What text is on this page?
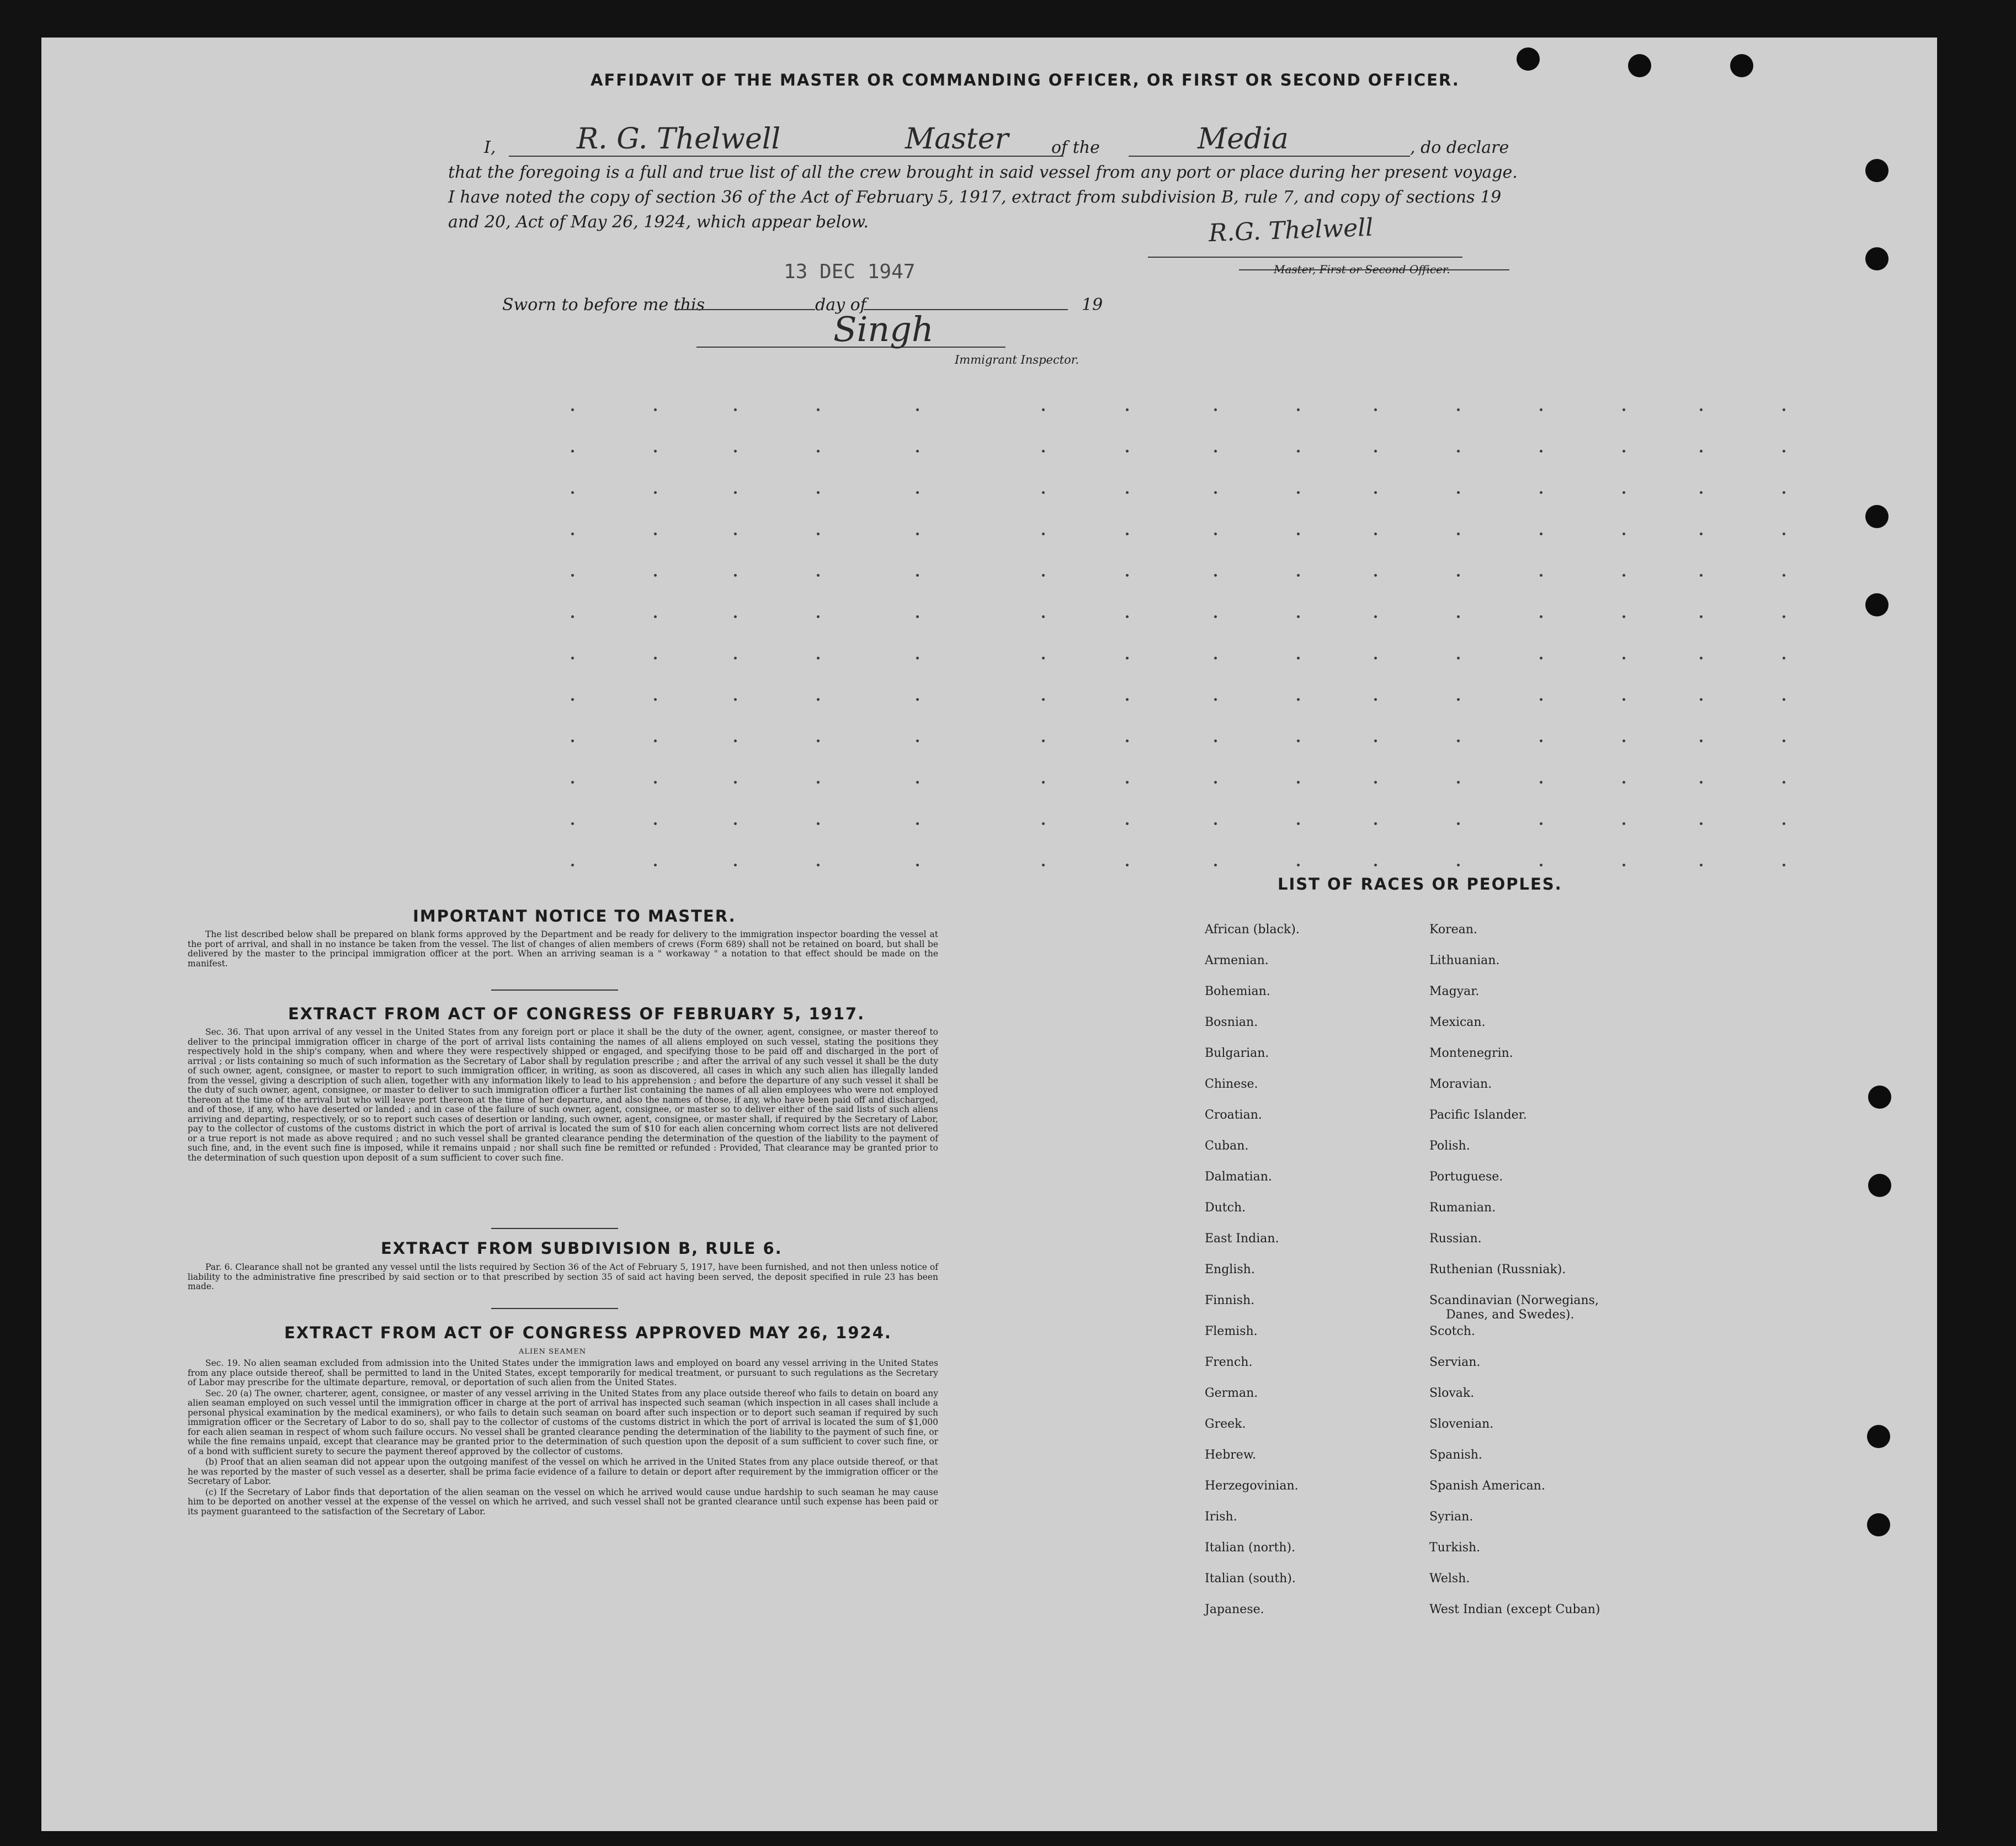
AFFIDAVIT OF THE MASTER OR COMMANDING OFFICER, OR FIRST OR SECOND OFFICER.
I,	R. G. Thelwell	Master	of the	Media	, do declare
that the foregoing is a full and true list of all the crew brought in said vessel from any port or place during her present voyage.
I have noted the copy of section 36 of the Act of February 5, 1917, extract from subdivision B, rule 7, and copy of sections 19
and 20, Act of May 26, 1924, which appear below.	R.G. Thelwell
Master, First or Second Officer.
13 DEC 1947
Sworn to before me this	day of	19
Singh
Immigrant Inspector.
IMPORTANT NOTICE TO MASTER.

The list described below shall be prepared on blank forms approved by the Department and be ready for delivery to the immigration inspector boarding the vessel at the port of arrival, and shall in no instance be taken from the vessel. The list of changes of alien members of crews (Form 689) shall not be retained on board, but shall be delivered by the master to the principal immigration officer at the port. When an arriving seaman is a " workaway " a notation to that effect should be made on the manifest.

EXTRACT FROM ACT OF CONGRESS OF FEBRUARY 5, 1917.

Sec. 36. That upon arrival of any vessel in the United States from any foreign port or place it shall be the duty of the owner, agent, consignee, or master thereof to deliver to the principal immigration officer in charge of the port of arrival lists containing the names of all aliens employed on such vessel, stating the positions they respectively hold in the ship's company, when and where they were respectively shipped or engaged, and specifying those to be paid off and discharged in the port of arrival ; or lists containing so much of such information as the Secretary of Labor shall by regulation prescribe ; and after the arrival of any such vessel it shall be the duty of such owner, agent, consignee, or master to report to such immigration officer, in writing, as soon as discovered, all cases in which any such alien has illegally landed from the vessel, giving a description of such alien, together with any information likely to lead to his apprehension ; and before the departure of any such vessel it shall be the duty of such owner, agent, consignee, or master to deliver to such immigration officer a further list containing the names of all alien employees who were not employed thereon at the time of the arrival but who will leave port thereon at the time of her departure, and also the names of those, if any, who have been paid off and discharged, and of those, if any, who have deserted or landed ; and in case of the failure of such owner, agent, consignee, or master so to deliver either of the said lists of such aliens arriving and departing, respectively, or so to report such cases of desertion or landing, such owner, agent, consignee, or master shall, if required by the Secretary of Labor, pay to the collector of customs of the customs district in which the port of arrival is located the sum of $10 for each alien concerning whom correct lists are not delivered or a true report is not made as above required ; and no such vessel shall be granted clearance pending the determination of the question of the liability to the payment of such fine, and, in the event such fine is imposed, while it remains unpaid ; nor shall such fine be remitted or refunded : Provided, That clearance may be granted prior to the determination of such question upon deposit of a sum sufficient to cover such fine.

EXTRACT FROM SUBDIVISION B, RULE 6.

Par. 6. Clearance shall not be granted any vessel until the lists required by Section 36 of the Act of February 5, 1917, have been furnished, and not then unless notice of liability to the administrative fine prescribed by said section or to that prescribed by section 35 of said act having been served, the deposit specified in rule 23 has been made.

EXTRACT FROM ACT OF CONGRESS APPROVED MAY 26, 1924.
ALIEN SEAMEN

Sec. 19. No alien seaman excluded from admission into the United States under the immigration laws and employed on board any vessel arriving in the United States from any place outside thereof, shall be permitted to land in the United States, except temporarily for medical treatment, or pursuant to such regulations as the Secretary of Labor may prescribe for the ultimate departure, removal, or deportation of such alien from the United States.

Sec. 20 (a) The owner, charterer, agent, consignee, or master of any vessel arriving in the United States from any place outside thereof who fails to detain on board any alien seaman employed on such vessel until the immigration officer in charge at the port of arrival has inspected such seaman (which inspection in all cases shall include a personal physical examination by the medical examiners), or who fails to detain such seaman on board after such inspection or to deport such seaman if required by such immigration officer or the Secretary of Labor to do so, shall pay to the collector of customs of the customs district in which the port of arrival is located the sum of $1,000 for each alien seaman in respect of whom such failure occurs. No vessel shall be granted clearance pending the determination of the liability to the payment of such fine, or while the fine remains unpaid, except that clearance may be granted prior to the determination of such question upon the deposit of a sum sufficient to cover such fine, or of a bond with sufficient surety to secure the payment thereof approved by the collector of customs.

(b) Proof that an alien seaman did not appear upon the outgoing manifest of the vessel on which he arrived in the United States from any place outside thereof, or that he was reported by the master of such vessel as a deserter, shall be prima facie evidence of a failure to detain or deport after requirement by the immigration officer or the Secretary of Labor.

(c) If the Secretary of Labor finds that deportation of the alien seaman on the vessel on which he arrived would cause undue hardship to such seaman he may cause him to be deported on another vessel at the expense of the vessel on which he arrived, and such vessel shall not be granted clearance until such expense has been paid or its payment guaranteed to the satisfaction of the Secretary of Labor.

LIST OF RACES OR PEOPLES.
African (black).
Armenian.
Bohemian.
Bosnian.
Bulgarian.
Chinese.
Croatian.
Cuban.
Dalmatian.
Dutch.
East Indian.
English.
Finnish.
Flemish.
French.
German.
Greek.
Hebrew.
Herzegovinian.
Irish.
Italian (north).
Italian (south).
Japanese.
Korean.
Lithuanian.
Magyar.
Mexican.
Montenegrin.
Moravian.
Pacific Islander.
Polish.
Portuguese.
Rumanian.
Russian.
Ruthenian (Russniak).
Scandinavian (Norwegians,
Scotch.
Servian.
Slovak.
Slovenian.
Spanish.
Spanish American.
Syrian.
Turkish.
Welsh.
West Indian (except Cuban)
Danes, and Swedes).
